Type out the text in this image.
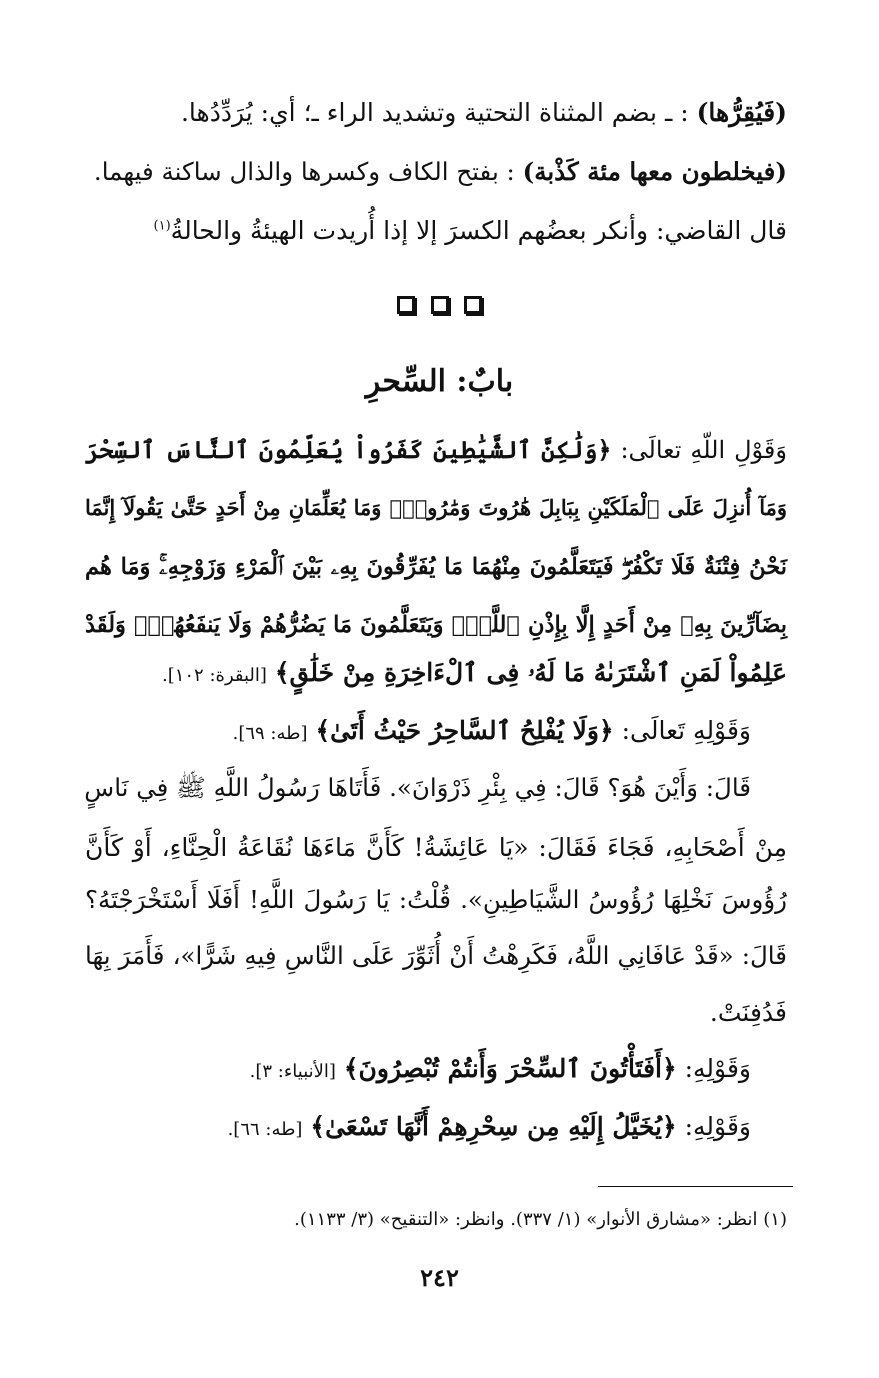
(فَيُقِرُّها) : ـ بضم المثناة التحتية وتشديد الراء ـ؛ أي: يُرَدِّدُها.
(فيخلطون معها مئة كَذْبة) : بفتح الكاف وكسرها والذال ساكنة فيهما.
قال القاضي: وأنكر بعضُهم الكسرَ إلا إذا أُريدت الهيئةُ والحالةُ$^{(١)}$

بابٌ: السِّحرِ
وَقَوْلِ اللّهِ تعالَى: ﴿وَلَٰكِنَّ ٱلشَّيَٰطِينَ كَفَرُواْ يُعَلِّمُونَ ٱلنَّاسَ ٱلسِّحْرَ
وَمَآ أُنزِلَ عَلَى ٱلْمَلَكَيْنِ بِبَابِلَ هَٰرُوتَ وَمَٰرُوتَۚ وَمَا يُعَلِّمَانِ مِنْ أَحَدٍ حَتَّىٰ يَقُولَآ إِنَّمَا
نَحْنُ فِتْنَةٌ فَلَا تَكْفُرْۖ فَيَتَعَلَّمُونَ مِنْهُمَا مَا يُفَرِّقُونَ بِهِۦ بَيْنَ ٱلْمَرْءِ وَزَوْجِهِۦۚ وَمَا هُم
بِضَآرِّينَ بِهِۦ مِنْ أَحَدٍ إِلَّا بِإِذْنِ ٱللَّهِۚ وَيَتَعَلَّمُونَ مَا يَضُرُّهُمْ وَلَا يَنفَعُهُمْۚ وَلَقَدْ
عَلِمُواْ لَمَنِ ٱشْتَرَىٰهُ مَا لَهُۥ فِى ٱلْءَاخِرَةِ مِنْ خَلَٰقٍ﴾ [البقرة: ١٠٢].
وَقَوْلِهِ تَعالَى: ﴿وَلَا يُفْلِحُ ٱلسَّاحِرُ حَيْثُ أَتَىٰ﴾ [طه: ٦٩].
قَالَ: وَأَيْنَ هُوَ؟ قَالَ: فِي بِئْرِ ذَرْوَانَ». فَأَتَاهَا رَسُولُ اللَّهِ ﷺ فِي نَاسٍ
مِنْ أَصْحَابِهِ، فَجَاءَ فَقَالَ: «يَا عَائِشَةُ! كَأَنَّ مَاءَهَا نُقَاعَةُ الْحِنَّاءِ، أَوْ كَأَنَّ
رُؤُوسَ نَخْلِهَا رُؤُوسُ الشَّيَاطِينِ». قُلْتُ: يَا رَسُولَ اللَّهِ! أَفَلَا أَسْتَخْرَجْتَهُ؟
قَالَ: «قَدْ عَافَانِي اللَّهُ، فَكَرِهْتُ أَنْ أُثَوِّرَ عَلَى النَّاسِ فِيهِ شَرًّا»، فَأَمَرَ بِهَا
فَدُفِنَتْ.
وَقَوْلِهِ: ﴿أَفَتَأْتُونَ ٱلسِّحْرَ وَأَنتُمْ تُبْصِرُونَ﴾ [الأنبياء: ٣].
وَقَوْلِهِ: ﴿يُخَيَّلُ إِلَيْهِ مِن سِحْرِهِمْ أَنَّهَا تَسْعَىٰ﴾ [طه: ٦٦].
(١) انظر: «مشارق الأنوار» (١/ ٣٣٧). وانظر: «التنقيح» (٣/ ١١٣٣).
٢٤٢
